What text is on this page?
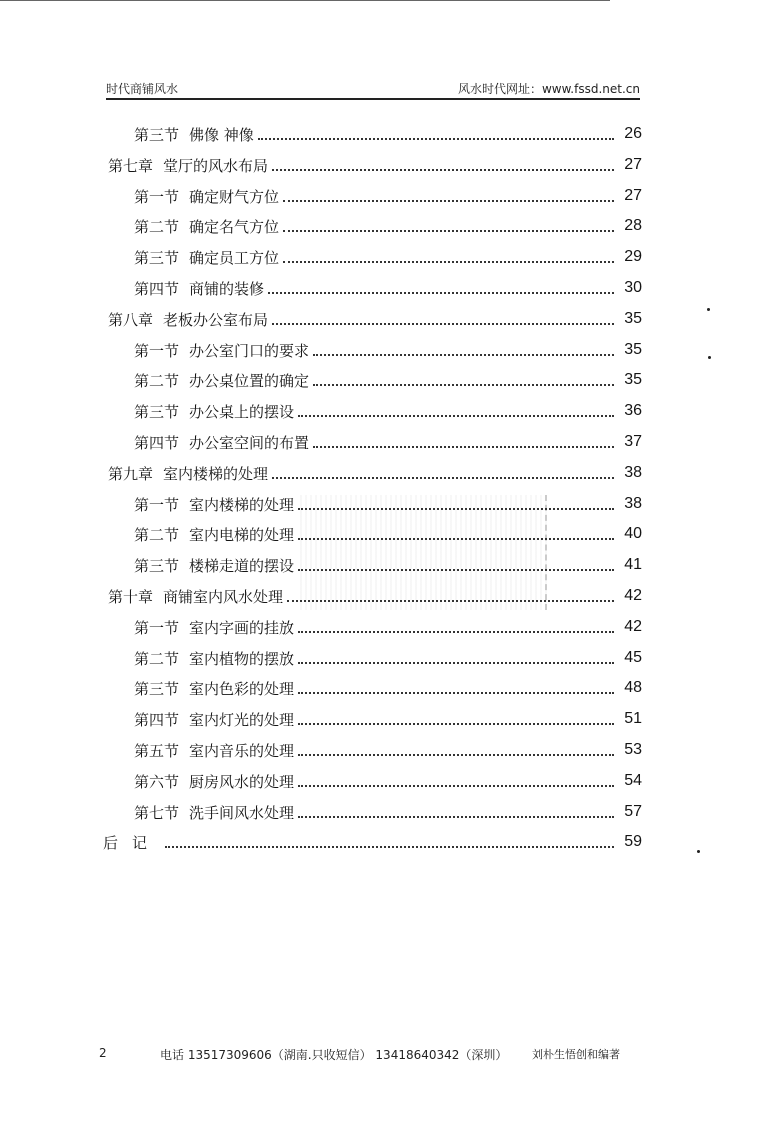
时代商铺风水	风水时代网址：www.fssd.net.cn
第三节 佛像 神像	26
第七章 堂厅的风水布局	27
第一节 确定财气方位	27
第二节 确定名气方位	28
第三节 确定员工方位	29
第四节 商铺的装修	30
第八章 老板办公室布局	35
第一节 办公室门口的要求	35
第二节 办公桌位置的确定	35
第三节 办公桌上的摆设	36
第四节 办公室空间的布置	37
第九章 室内楼梯的处理	38
第一节 室内楼梯的处理	38
第二节 室内电梯的处理	40
第三节 楼梯走道的摆设	41
第十章 商铺室内风水处理	42
第一节 室内字画的挂放	42
第二节 室内植物的摆放	45
第三节 室内色彩的处理	48
第四节 室内灯光的处理	51
第五节 室内音乐的处理	53
第六节 厨房风水的处理	54
第七节 洗手间风水处理	57
后记	59
2	电话 13517309606（湖南.只收短信） 13418640342（深圳） 刘朴生悟创和编著
